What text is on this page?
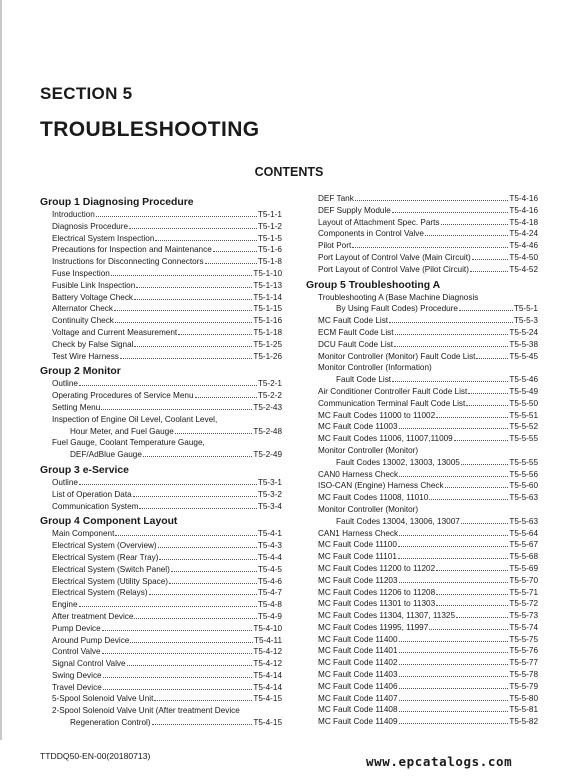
SECTION 5
TROUBLESHOOTING
CONTENTS
Group 1 Diagnosing Procedure
Introduction	T5-1-1
Diagnosis Procedure	T5-1-2
Electrical System Inspection	T5-1-5
Precautions for Inspection and Maintenance	T5-1-6
Instructions for Disconnecting Connectors	T5-1-8
Fuse Inspection	T5-1-10
Fusible Link Inspection	T5-1-13
Battery Voltage Check	T5-1-14
Alternator Check	T5-1-15
Continuity Check	T5-1-16
Voltage and Current Measurement	T5-1-18
Check by False Signal	T5-1-25
Test Wire Harness	T5-1-26
Group 2 Monitor
Outline	T5-2-1
Operating Procedures of Service Menu	T5-2-2
Setting Menu	T5-2-43
Inspection of Engine Oil Level, Coolant Level,
Hour Meter, and Fuel Gauge	T5-2-48
Fuel Gauge, Coolant Temperature Gauge,
DEF/AdBlue Gauge	T5-2-49
Group 3 e-Service
Outline	T5-3-1
List of Operation Data	T5-3-2
Communication System	T5-3-4
Group 4 Component Layout
Main Component	T5-4-1
Electrical System (Overview)	T5-4-3
Electrical System (Rear Tray)	T5-4-4
Electrical System (Switch Panel)	T5-4-5
Electrical System (Utility Space)	T5-4-6
Electrical System (Relays)	T5-4-7
Engine	T5-4-8
After treatment Device	T5-4-9
Pump Device	T5-4-10
Around Pump Device	T5-4-11
Control Valve	T5-4-12
Signal Control Valve	T5-4-12
Swing Device	T5-4-14
Travel Device	T5-4-14
5-Spool Solenoid Valve Unit	T5-4-15
2-Spool Solenoid Valve Unit (After treatment Device
Regeneration Control)	T5-4-15
DEF Tank	T5-4-16
DEF Supply Module	T5-4-16
Layout of Attachment Spec. Parts	T5-4-18
Components in Control Valve	T5-4-24
Pilot Port	T5-4-46
Port Layout of Control Valve (Main Circuit)	T5-4-50
Port Layout of Control Valve (Pilot Circuit)	T5-4-52
Group 5 Troubleshooting A
Troubleshooting A (Base Machine Diagnosis
By Using Fault Codes) Procedure	T5-5-1
MC Fault Code List	T5-5-3
ECM Fault Code List	T5-5-24
DCU Fault Code List	T5-5-38
Monitor Controller (Monitor) Fault Code List	T5-5-45
Monitor Controller (Information)
Fault Code List	T5-5-46
Air Conditioner Controller Fault Code List	T5-5-49
Communication Terminal Fault Code List	T5-5-50
MC Fault Codes 11000 to 11002	T5-5-51
MC Fault Code 11003	T5-5-52
MC Fault Codes 11006, 11007,11009	T5-5-55
Monitor Controller (Monitor)
Fault Codes 13002, 13003, 13005	T5-5-55
CAN0 Harness Check	T5-5-56
ISO-CAN (Engine) Harness Check	T5-5-60
MC Fault Codes 11008, 11010	T5-5-63
Monitor Controller (Monitor)
Fault Codes 13004, 13006, 13007	T5-5-63
CAN1 Harness Check	T5-5-64
MC Fault Code 11100	T5-5-67
MC Fault Code 11101	T5-5-68
MC Fault Codes 11200 to 11202	T5-5-69
MC Fault Code 11203	T5-5-70
MC Fault Codes 11206 to 11208	T5-5-71
MC Fault Codes 11301 to 11303	T5-5-72
MC Fault Codes 11304, 11307, 11325	T5-5-73
MC Fault Codes 11995, 11997	T5-5-74
MC Fault Code 11400	T5-5-75
MC Fault Code 11401	T5-5-76
MC Fault Code 11402	T5-5-77
MC Fault Code 11403	T5-5-78
MC Fault Code 11406	T5-5-79
MC Fault Code 11407	T5-5-80
MC Fault Code 11408	T5-5-81
MC Fault Code 11409	T5-5-82
TTDDQ50-EN-00(20180713)	www.epcatalogs.com
